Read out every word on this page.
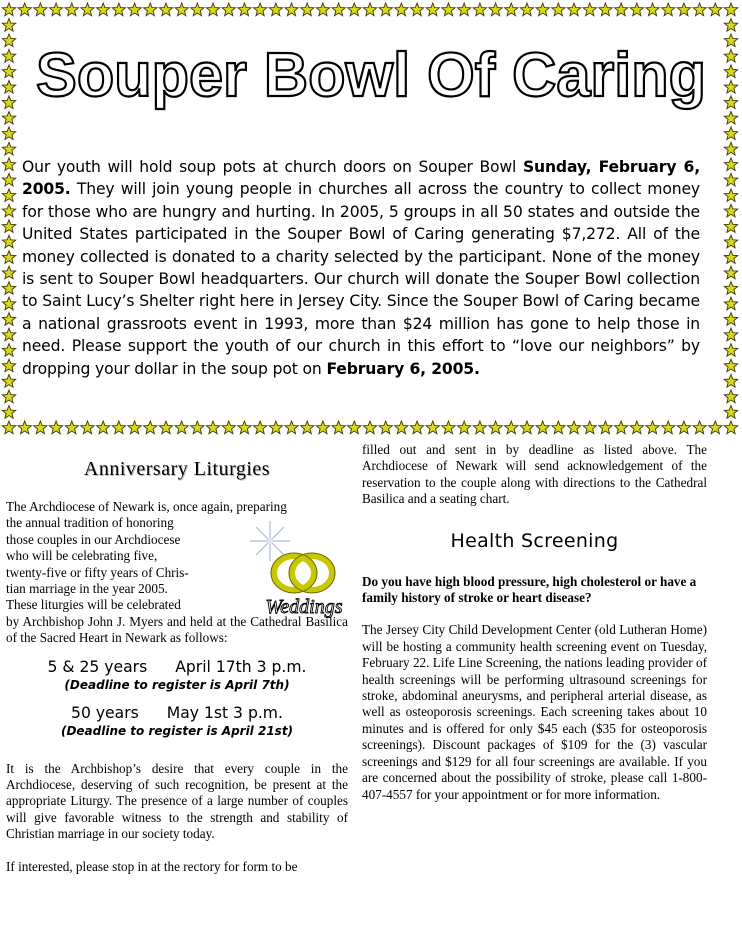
Souper Bowl Of Caring
Our youth will hold soup pots at church doors on Souper Bowl Sunday, February 6, 2005. They will join young people in churches all across the country to collect money for those who are hungry and hurting. In 2005, 5 groups in all 50 states and outside the United States participated in the Souper Bowl of Caring generating $7,272. All of the money collected is donated to a charity selected by the participant. None of the money is sent to Souper Bowl headquarters. Our church will donate the Souper Bowl collection to Saint Lucy’s Shelter right here in Jersey City. Since the Souper Bowl of Caring became a national grassroots event in 1993, more than $24 million has gone to help those in need. Please support the youth of our church in this effort to “love our neighbors” by dropping your dollar in the soup pot on February 6, 2005.
Anniversary Liturgies
The Archdiocese of Newark is, once again, preparing
the annual tradition of honoring
those couples in our Archdiocese
who will be celebrating five,
twenty-five or fifty years of Chris-
tian marriage in the year 2005.
These liturgies will be celebrated
by Archbishop John J. Myers and held at the Cathedral Basilica of the Sacred Heart in Newark as follows:
Weddings

5 & 25 years April 17th 3 p.m.

(Deadline to register is April 7th)

50 years May 1st 3 p.m.

(Deadline to register is April 21st)

It is the Archbishop’s desire that every couple in the Archdiocese, deserving of such recognition, be present at the appropriate Liturgy. The presence of a large number of couples will give favorable witness to the strength and stability of Christian marriage in our society today.

If interested, please stop in at the rectory for form to be

filled out and sent in by deadline as listed above. The Archdiocese of Newark will send acknowledgement of the reservation to the couple along with directions to the Cathedral Basilica and a seating chart.

Health Screening

Do you have high blood pressure, high cholesterol or have a family history of stroke or heart disease?

The Jersey City Child Development Center (old Lutheran Home) will be hosting a community health screening event on Tuesday, February 22. Life Line Screening, the nations leading provider of health screenings will be performing ultrasound screenings for stroke, abdominal aneurysms, and peripheral arterial disease, as well as osteoporosis screenings. Each screening takes about 10 minutes and is offered for only $45 each ($35 for osteoporosis screenings). Discount packages of $109 for the (3) vascular screenings and $129 for all four screenings are available. If you are concerned about the possibility of stroke, please call 1-800-407-4557 for your appointment or for more information.
